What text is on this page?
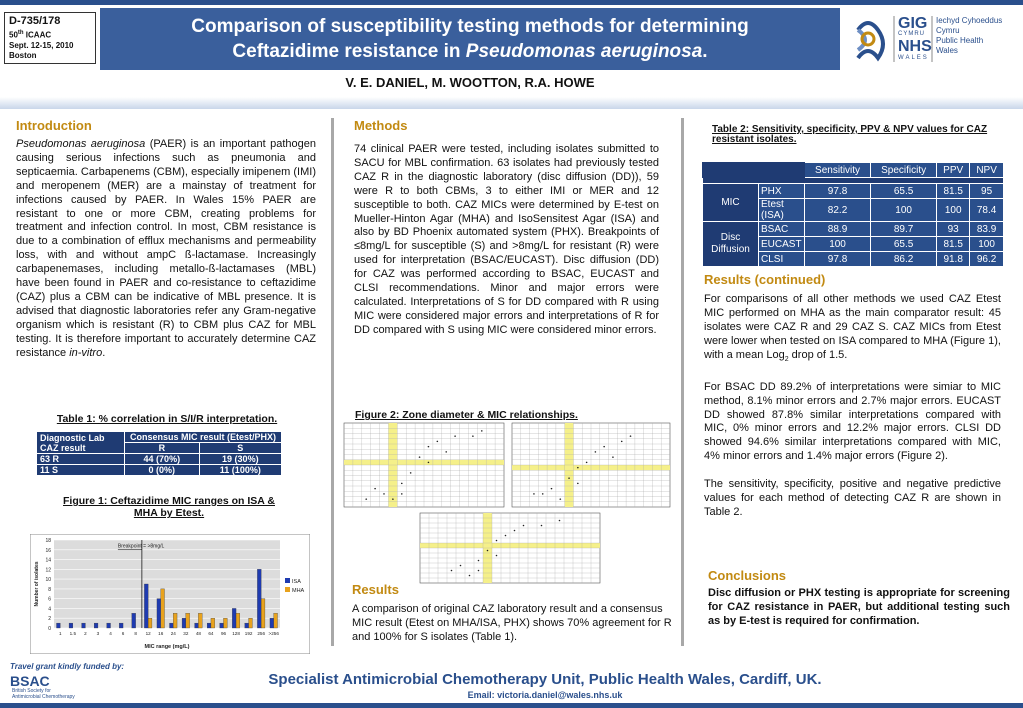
D-735/178
50th ICAAC
Sept. 12-15, 2010
Boston
Comparison of susceptibility testing methods for determining
Ceftazidime resistance in Pseudomonas aeruginosa.
GIG
CYMRU
NHS
WALES
Iechyd Cyhoeddus
Cymru
Public Health
Wales
V. E. DANIEL, M. WOOTTON, R.A. HOWE
Introduction
Pseudomonas aeruginosa (PAER) is an important pathogen causing serious infections such as pneumonia and septicaemia. Carbapenems (CBM), especially imipenem (IMI) and meropenem (MER) are a mainstay of treatment for infections caused by PAER. In Wales 15% PAER are resistant to one or more CBM, creating problems for treatment and infection control. In most, CBM resistance is due to a combination of efflux mechanisms and permeability loss, with and without ampC ß-lactamase. Increasingly carbapenemases, including metallo-ß-lactamases (MBL) have been found in PAER and co-resistance to ceftazidime (CAZ) plus a CBM can be indicative of MBL presence. It is advised that diagnostic laboratories refer any Gram-negative organism which is resistant (R) to CBM plus CAZ for MBL testing. It is therefore important to accurately determine CAZ resistance in-vitro.
Table 1: % correlation in S/I/R interpretation.
Diagnostic Lab CAZ result	Consensus MIC result (Etest/PHX)	
	R	S
63 R	44 (70%)	19 (30%)
11 S	0 (0%)	11 (100%)
Figure 1: Ceftazidime MIC ranges on ISA & MHA by Etest.
0
2
4
6
8
10
12
14
16
18
1 1.5 2 3 4 6 8 12 16 24 32 48 64 96 128 192 256 >256
Breakpoint = >8mg/L
MIC range (mg/L)
Number of isolates	ISA
MHA
Methods
74 clinical PAER were tested, including isolates submitted to SACU for MBL confirmation. 63 isolates had previously tested CAZ R in the diagnostic laboratory (disc diffusion (DD)), 59 were R to both CBMs, 3 to either IMI or MER and 12 susceptible to both. CAZ MICs were determined by E-test on Mueller-Hinton Agar (MHA) and IsoSensitest Agar (ISA) and also by BD Phoenix automated system (PHX). Breakpoints of ≤8mg/L for susceptible (S) and >8mg/L for resistant (R) were used for interpretation (BSAC/EUCAST). Disc diffusion (DD) for CAZ was performed according to BSAC, EUCAST and CLSI recommendations. Minor and major errors were calculated. Interpretations of S for DD compared with R using MIC were considered major errors and interpretations of R for DD compared with S using MIC were considered minor errors.
Figure 2: Zone diameter & MIC relationships.
Results
A comparison of original CAZ laboratory result and a consensus MIC result (Etest on MHA/ISA, PHX) shows 70% agreement for R and 100% for S isolates (Table 1).
Table 2: Sensitivity, specificity, PPV & NPV values for CAZ resistant isolates.
		Sensitivity	Specificity	PPV	NPV

MIC	PHX	97.8	65.5	81.5	95
	Etest (ISA)	82.2	100	100	78.4
Disc Diffusion	BSAC	88.9	89.7	93	83.9
	EUCAST	100	65.5	81.5	100
	CLSI	97.8	86.2	91.8	96.2
Results (continued)
For comparisons of all other methods we used CAZ Etest MIC performed on MHA as the main comparator result: 45 isolates were CAZ R and 29 CAZ S. CAZ MICs from Etest were lower when tested on ISA compared to MHA (Figure 1), with a mean Log$_2$ drop of 1.5.
For BSAC DD 89.2% of interpretations were simiar to MIC method, 8.1% minor errors and 2.7% major errors. EUCAST DD showed 87.8% similar interpretations compared with MIC, 0% minor errors and 12.2% major errors. CLSI DD showed 94.6% similar interpretations compared with MIC, 4% minor errors and 1.4% major errors (Figure 2).
The sensitivity, specificity, positive and negative predictive values for each method of detecting CAZ R are shown in Table 2.
Conclusions
Disc diffusion or PHX testing is appropriate for screening for CAZ resistance in PAER, but additional testing such as by E-test is required for confirmation.
Travel grant kindly funded by:
BSAC
British Society for
Antimicrobial Chemotherapy
Specialist Antimicrobial Chemotherapy Unit, Public Health Wales, Cardiff, UK.
Email: victoria.daniel@wales.nhs.uk
